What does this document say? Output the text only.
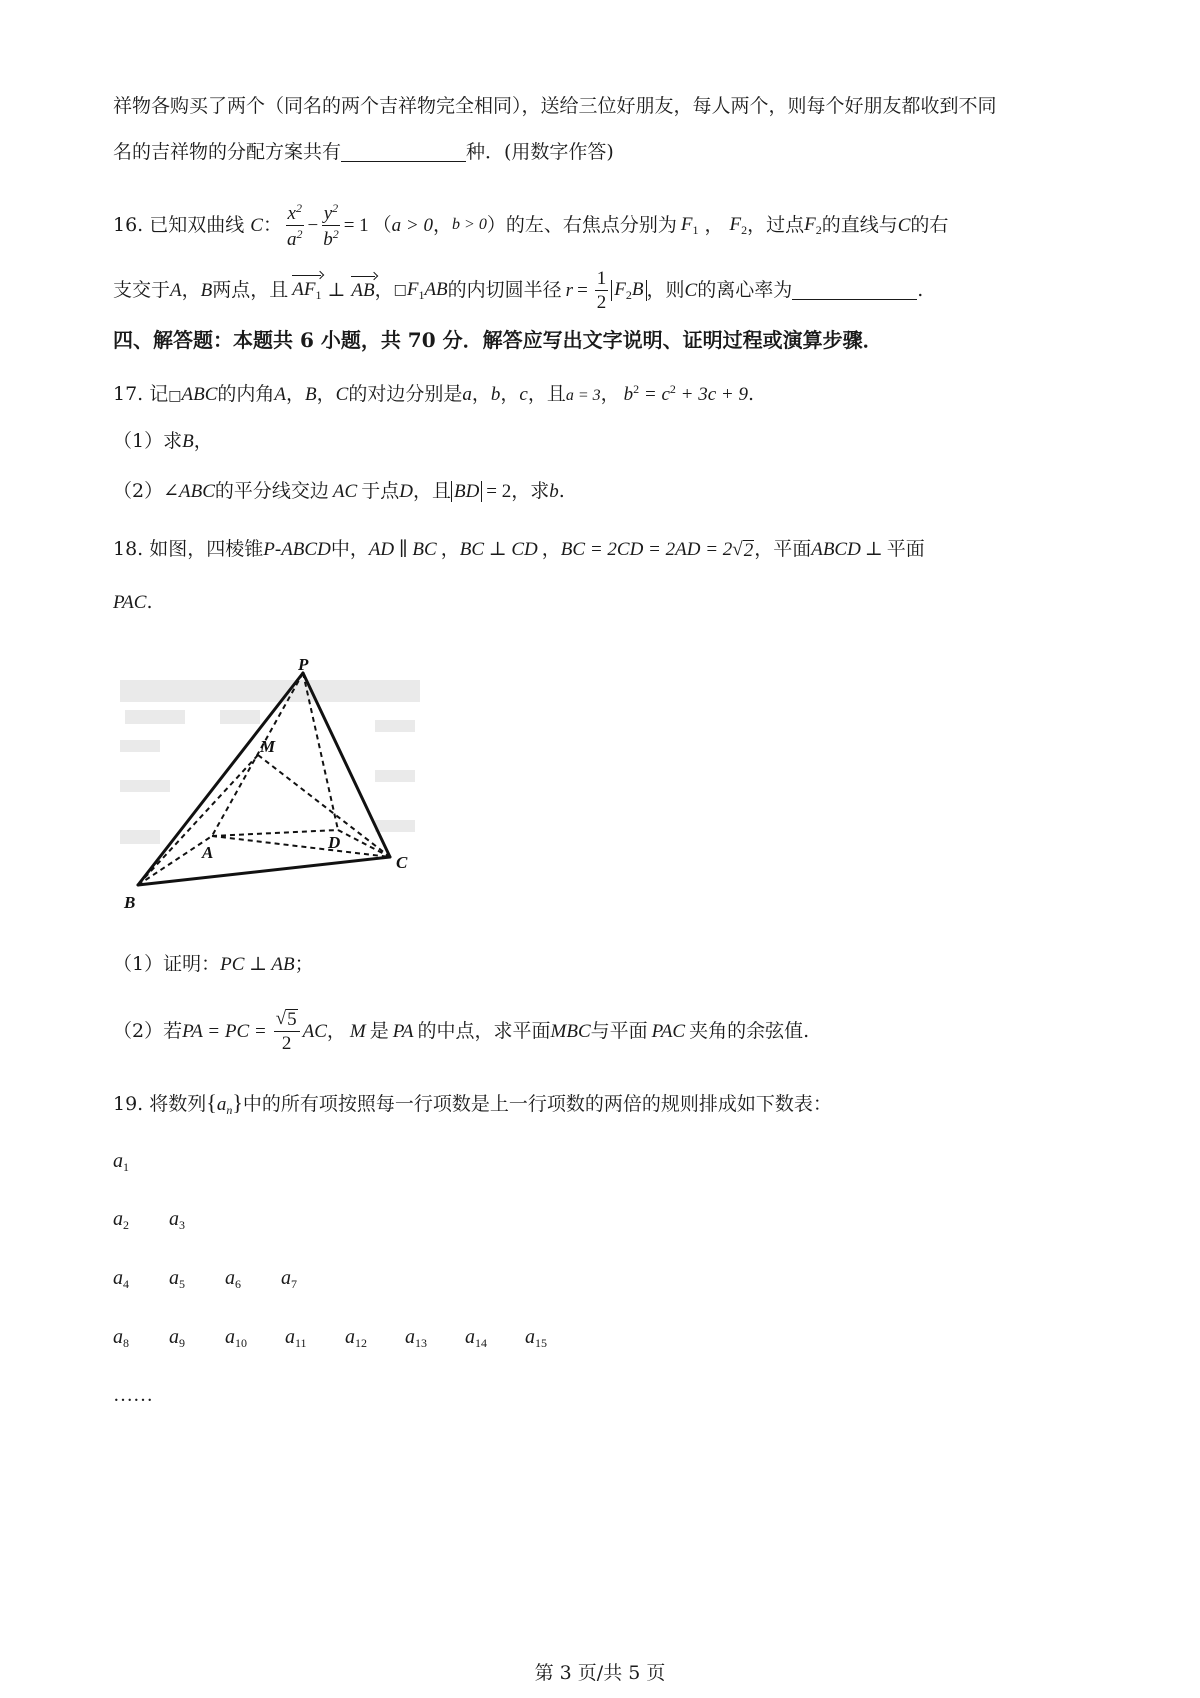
祥物各购买了两个（同名的两个吉祥物完全相同），送给三位好朋友，每人两个，则每个好朋友都收到不同
名的吉祥物的分配方案共有	种．(用数字作答)
16. 已知双曲线 C ： $\frac{x^2}{a^2} - \frac{y^2}{b^2} = 1$ （ a > 0 ， b > 0 ）的左、右焦点分别为 $F_1$ ， $F_2$ ，过点 $F_2$ 的直线与 C 的右
支交于 A ， B 两点，且 $AF_1$ ⊥ AB ， □ $F_1AB$ 的内切圆半径 $r = \frac{1}{2} F_2B$ ，则 C 的离心率为	.
四、解答题：本题共 6 小题，共 70 分．解答应写出文字说明、证明过程或演算步骤．
17. 记□ABC的内角A，B，C的对边分别是a，b，c，且a = 3， $b^2 = c^2 + 3c + 9$.
（1）求B，
（2）∠ABC的平分线交边 AC 于点D，且 BD = 2，求b.
18. 如图，四棱锥P-ABCD中，AD ∥ BC ，BC ⊥ CD ，BC = 2CD = 2AD = 2 √ 2 ，平面ABCD ⊥ 平面
PAC.
P
M
A
D
B
C
（1）证明：PC ⊥ AB；
（2）若 PA = PC = $\frac{√ 5}{2}$ AC ， M 是 PA 的中点，求平面 MBC 与平面 PAC 夹角的余弦值.
19. 将数列$\{a_n\}$中的所有项按照每一行项数是上一行项数的两倍的规则排成如下数表：
$a_1$
$a_2$ $a_3$
$a_4$ $a_5$ $a_6$ $a_7$
$a_8$ $a_9$ $a_{10}$ $a_{11}$ $a_{12}$ $a_{13}$ $a_{14}$ $a_{15}$
……
第 3 页/共 5 页
